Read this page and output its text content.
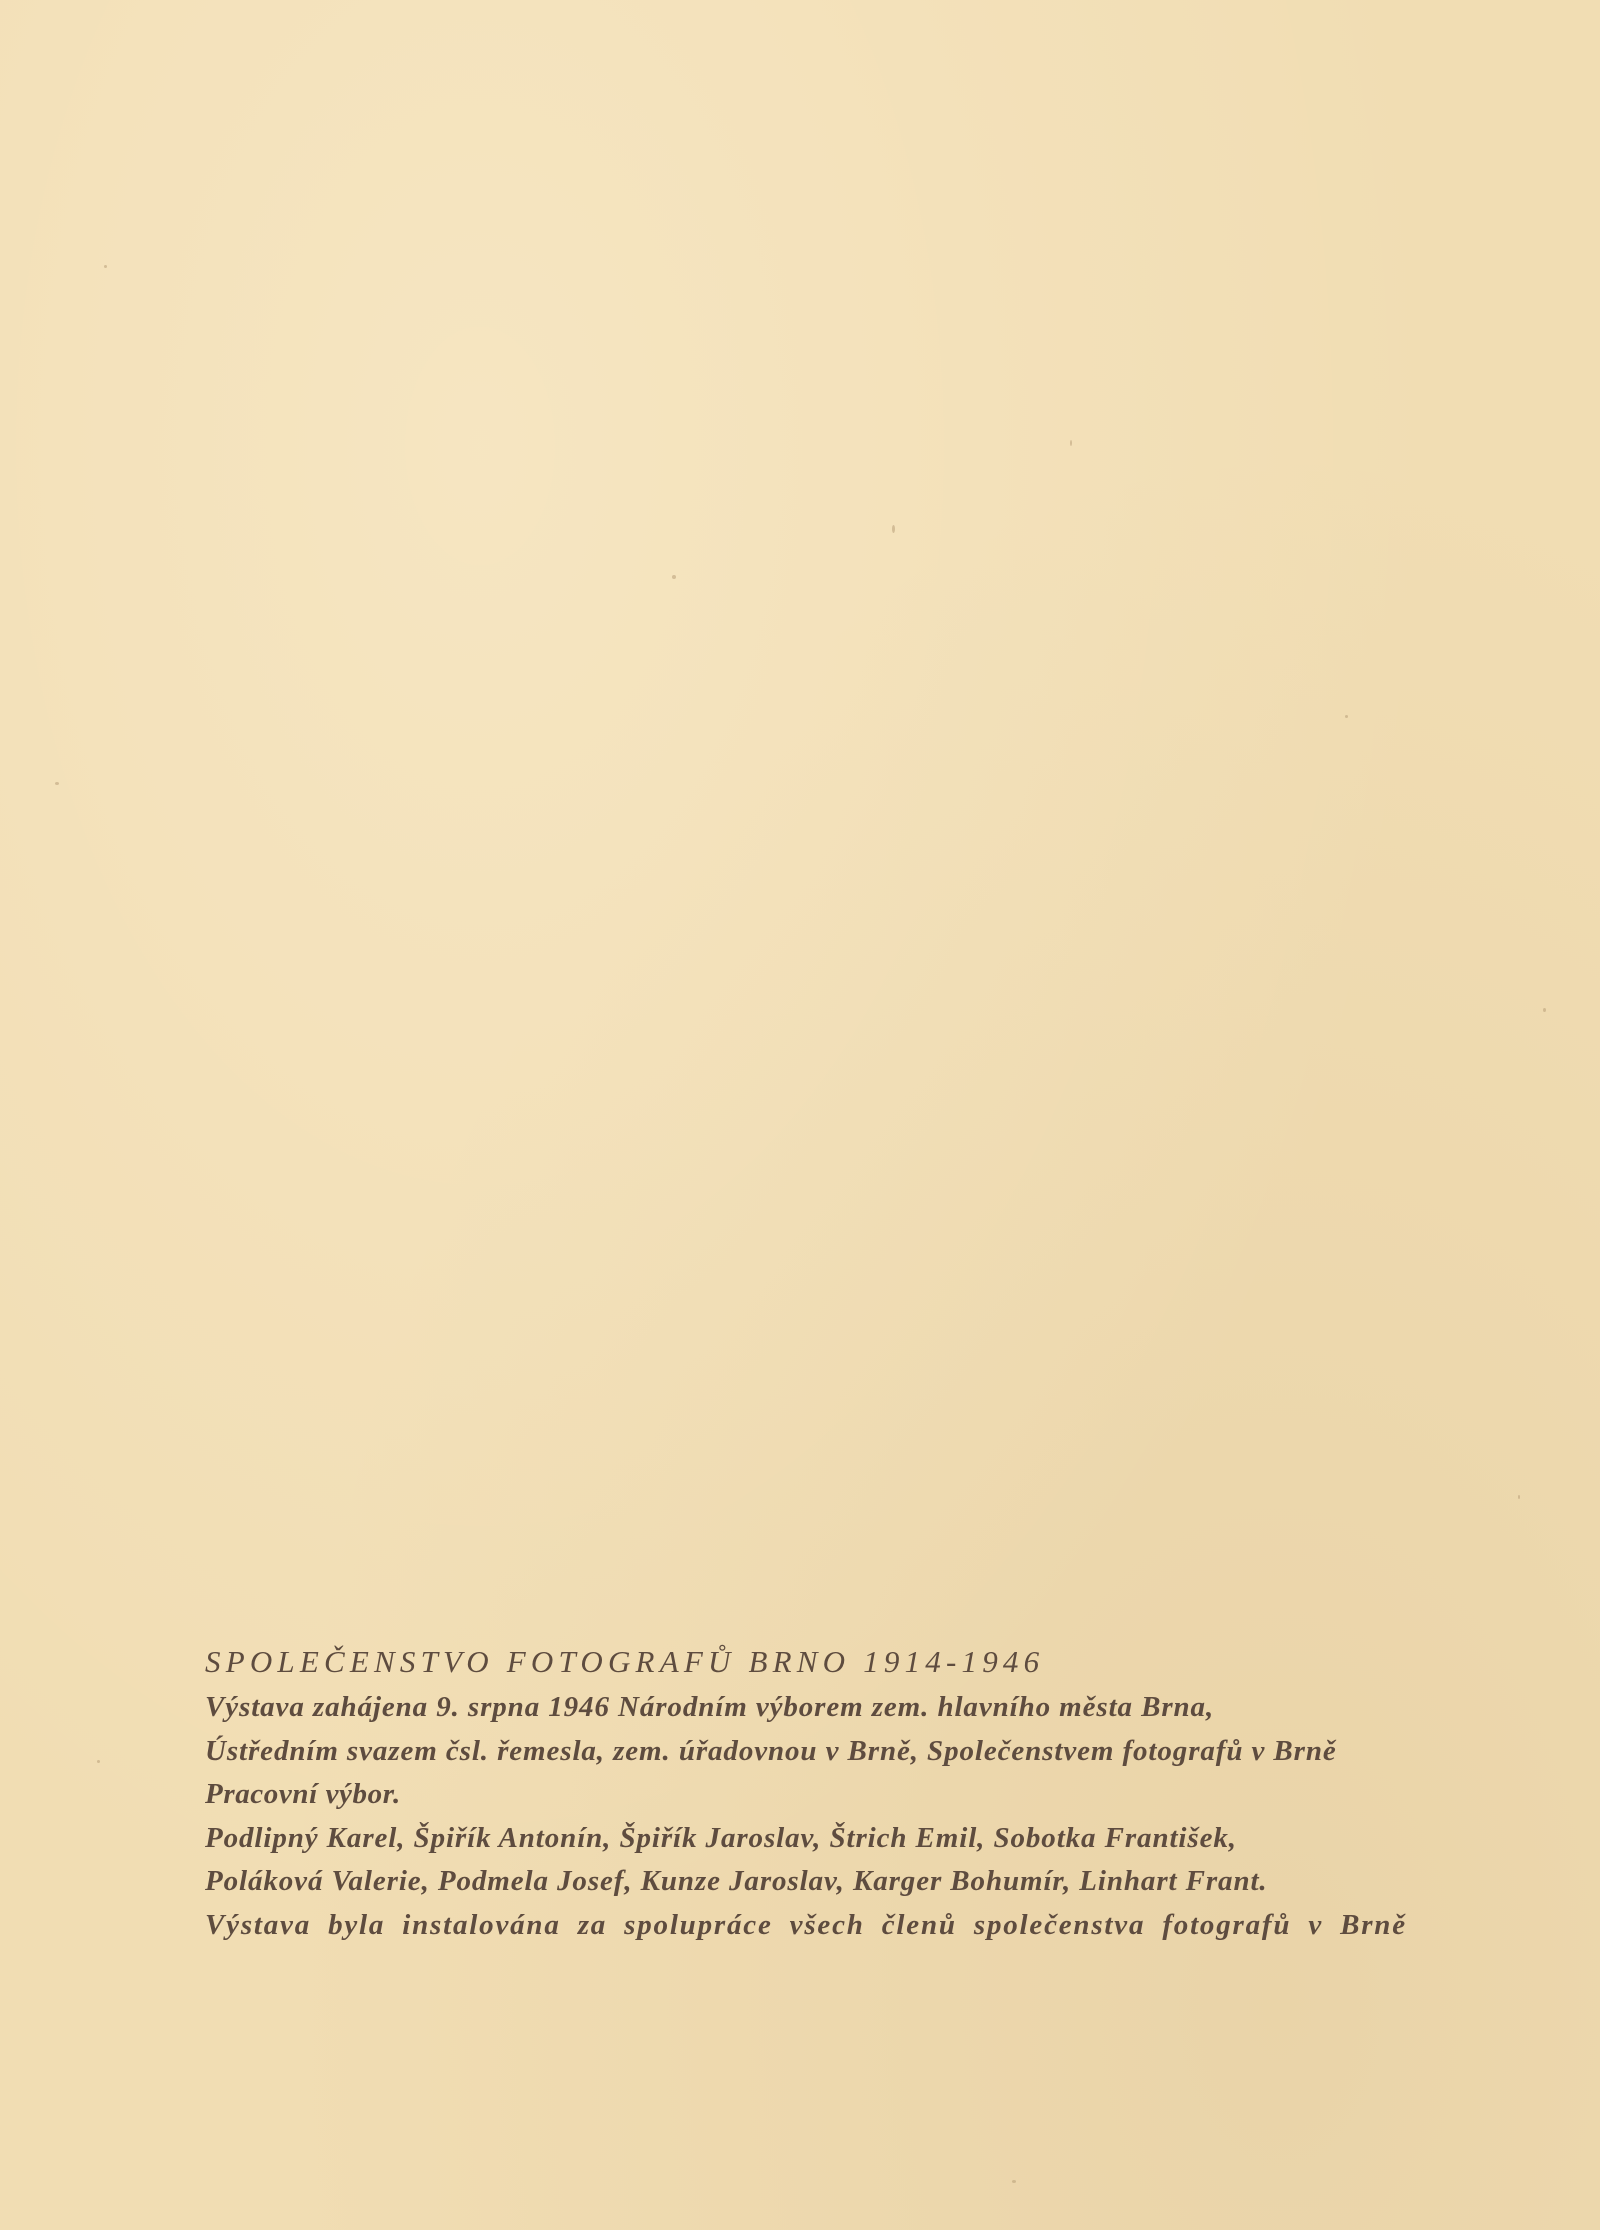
SPOLEČENSTVO FOTOGRAFŮ BRNO 1914-1946
Výstava zahájena 9. srpna 1946 Národním výborem zem. hlavního města Brna,
Ústředním svazem čsl. řemesla, zem. úřadovnou v Brně, Společenstvem fotografů v Brně
Pracovní výbor.
Podlipný Karel, Špiřík Antonín, Špiřík Jaroslav, Štrich Emil, Sobotka František,
Poláková Valerie, Podmela Josef, Kunze Jaroslav, Karger Bohumír, Linhart Frant.
Výstava byla instalována za spolupráce všech členů společenstva fotografů v Brně
